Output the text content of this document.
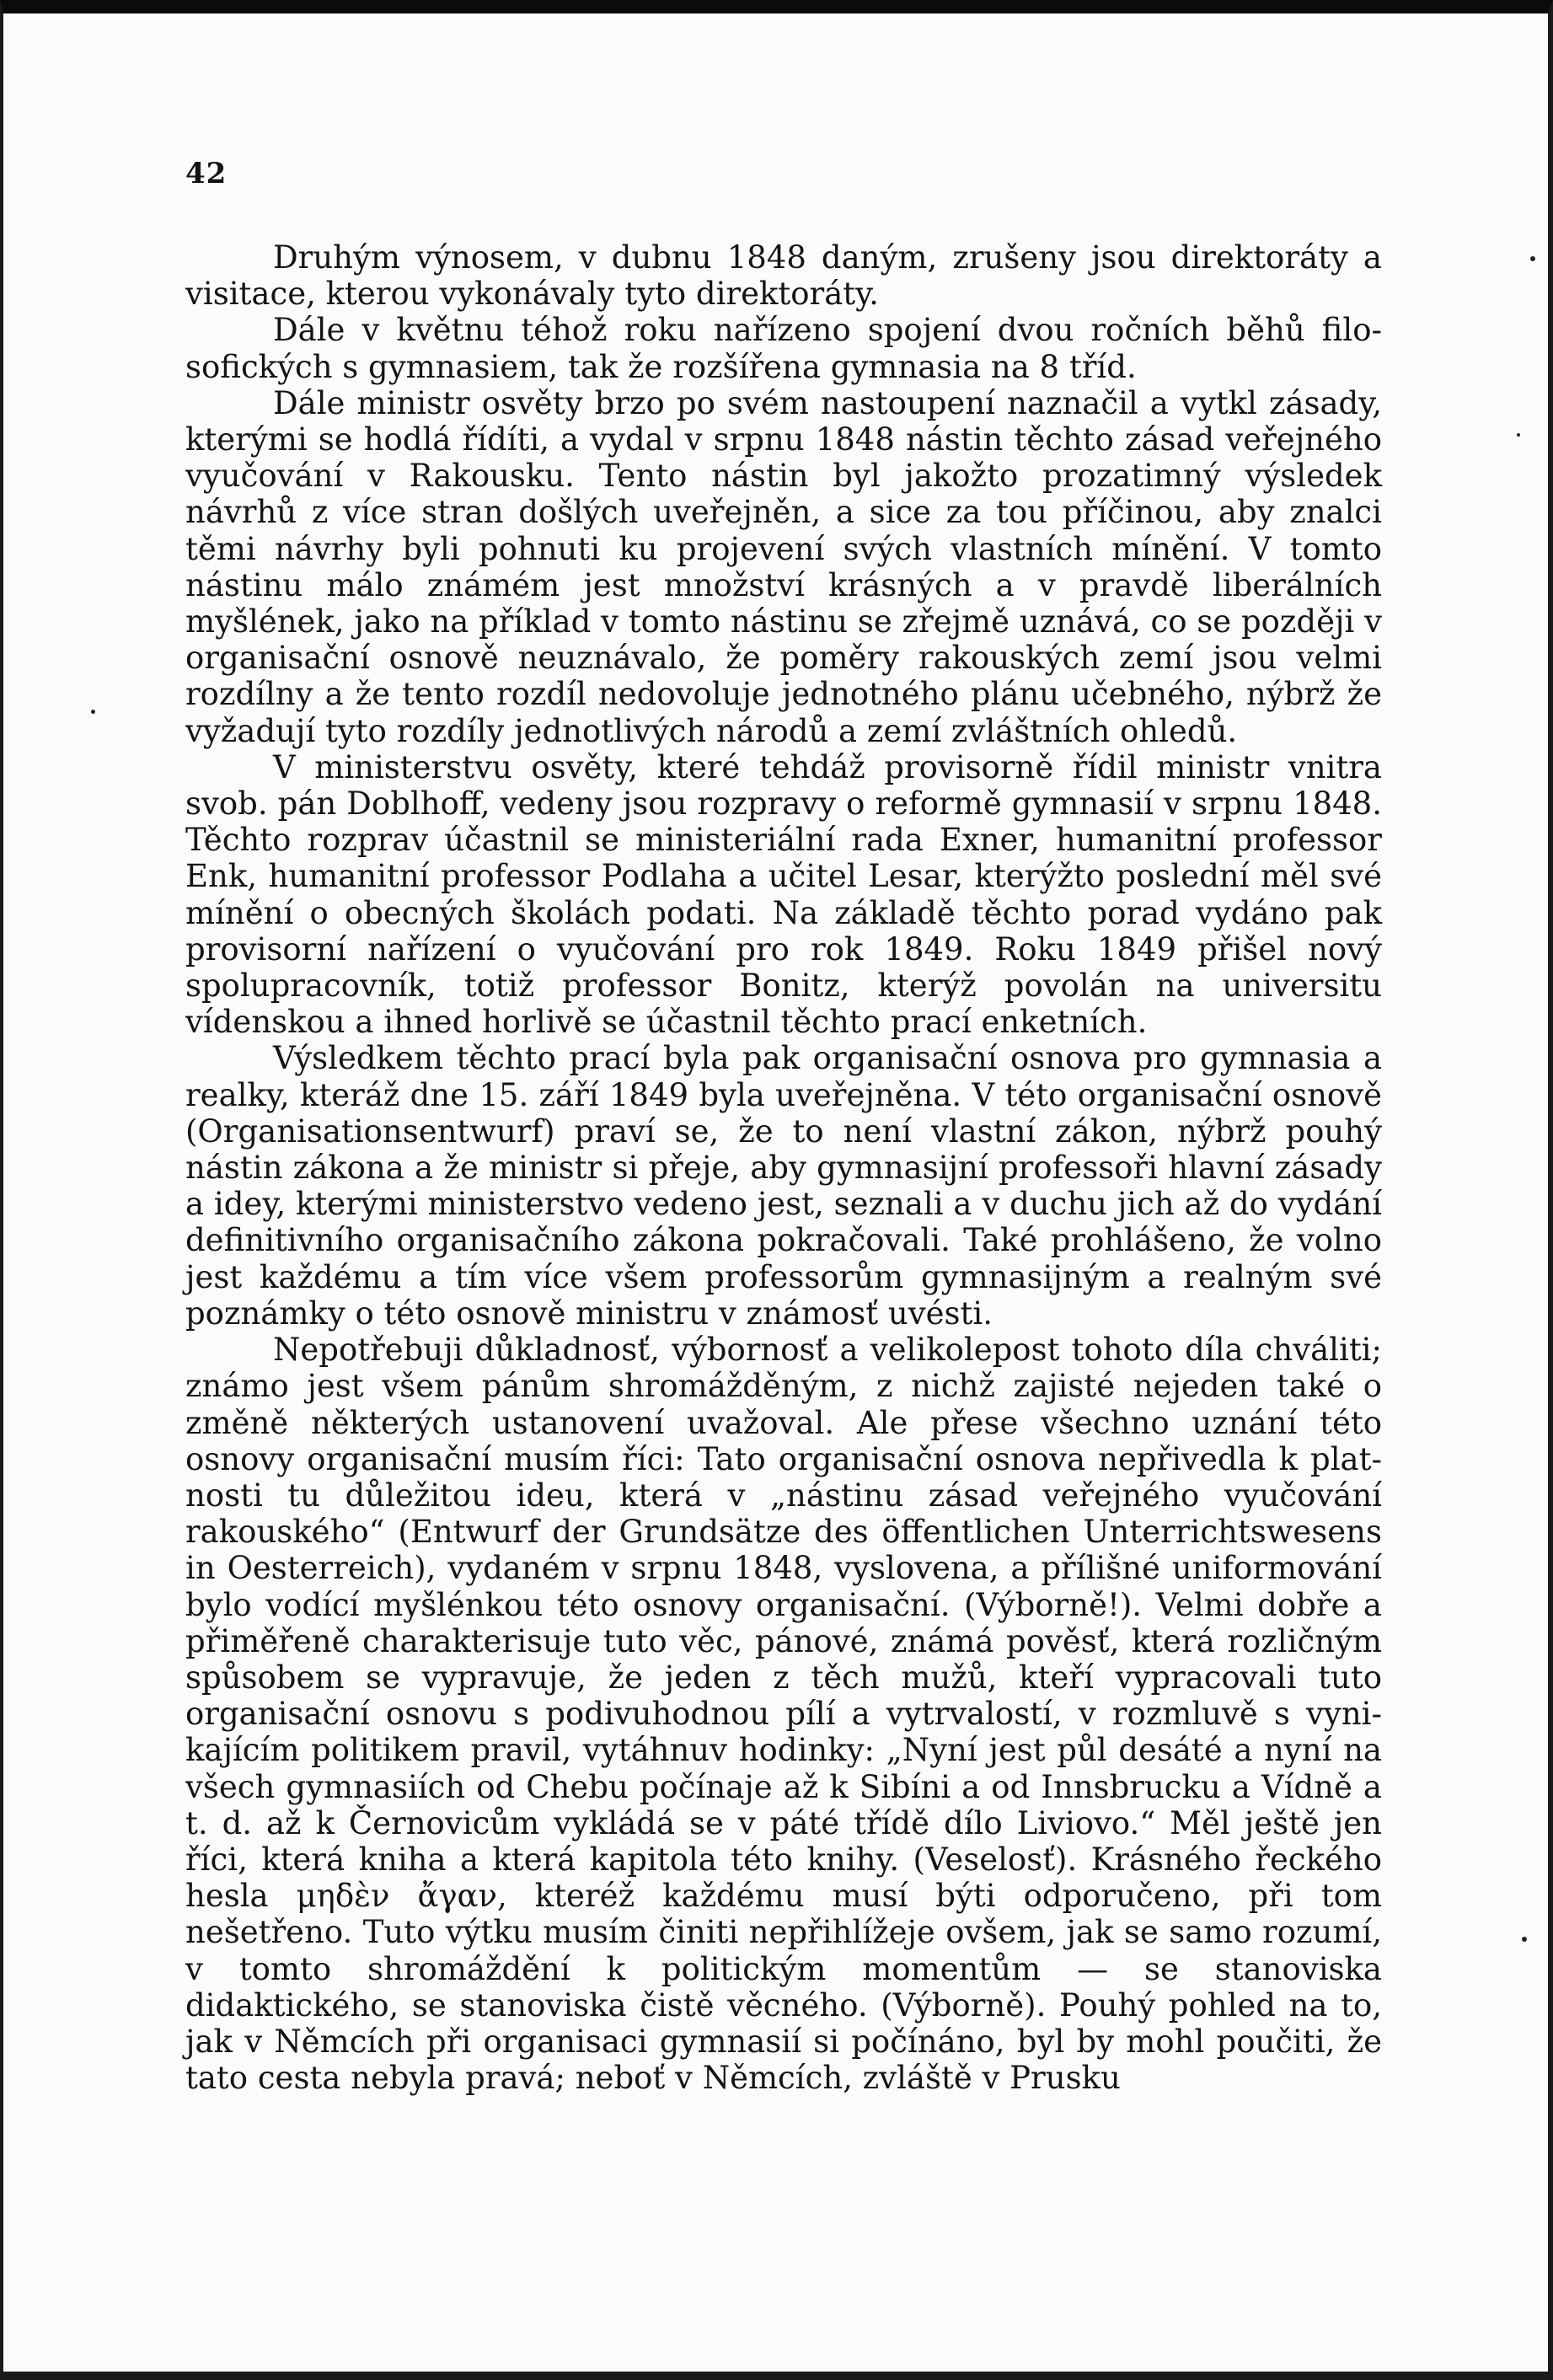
42

Druhým výnosem, v dubnu 1848 daným, zrušeny jsou direktoráty a visitace, kterou vykonávaly tyto direktoráty.

Dále v květnu téhož roku nařízeno spojení dvou ročních běhů filosofických s gymnasiem, tak že rozšířena gymnasia na 8 tříd.

Dále ministr osvěty brzo po svém nastoupení naznačil a vytkl zásady, kterými se hodlá řídíti, a vydal v srpnu 1848 nástin těchto zásad veřejného vyučování v Rakousku. Tento nástin byl jakožto prozatimný výsledek návrhů z více stran došlých uveřejněn, a sice za tou příčinou, aby znalci těmi návrhy byli pohnuti ku projevení svých vlastních mínění. V tomto nástinu málo známém jest množství krásných a v pravdě liberálních myšlének, jako na příklad v tomto nástinu se zřejmě uznává, co se později v organisační osnově neuznávalo, že poměry rakouských zemí jsou velmi rozdílny a že tento rozdíl nedovoluje jednotného plánu učebného, nýbrž že vyžadují tyto rozdíly jednotlivých národů a zemí zvláštních ohledů.

V ministerstvu osvěty, které tehdáž provisorně řídil ministr vnitra svob. pán Doblhoff, vedeny jsou rozpravy o reformě gymnasií v srpnu 1848. Těchto rozprav účastnil se ministeriální rada Exner, humanitní professor Enk, humanitní professor Podlaha a učitel Lesar, kterýžto poslední měl své mínění o obecných školách podati. Na základě těchto porad vydáno pak provisorní nařízení o vyučování pro rok 1849. Roku 1849 přišel nový spolupracovník, totiž professor Bonitz, kterýž povolán na universitu vídenskou a ihned horlivě se účastnil těchto prací enketních.

Výsledkem těchto prací byla pak organisační osnova pro gymnasia a realky, kteráž dne 15. září 1849 byla uveřejněna. V této organisační osnově (Organisationsentwurf) praví se, že to není vlastní zákon, nýbrž pouhý nástin zákona a že ministr si přeje, aby gymnasijní professoři hlavní zásady a idey, kterými ministerstvo vedeno jest, seznali a v duchu jich až do vydání definitivního organisačního zákona pokračovali. Také prohlášeno, že volno jest každému a tím více všem professorům gymnasijným a realným své poznámky o této osnově ministru v známosť uvésti.

Nepotřebuji důkladnosť, výbornosť a velikolepost tohoto díla chváliti; známo jest všem pánům shromážděným, z nichž zajisté nejeden také o změně některých ustanovení uvažoval. Ale přese všechno uznání této osnovy organisační musím říci: Tato organisační osnova nepřivedla k platnosti tu důležitou ideu, která v „nástinu zásad veřejného vyučování rakouského“ (Entwurf der Grundsätze des öffentlichen Unterrichtswesens in Oesterreich), vydaném v srpnu 1848, vyslovena, a přílišné uniformování bylo vodící myšlénkou této osnovy organisační. (Výborně!). Velmi dobře a přiměřeně charakterisuje tuto věc, pánové, známá pověsť, která rozličným spůsobem se vypravuje, že jeden z těch mužů, kteří vypracovali tuto organisační osnovu s podivuhodnou pílí a vytrvalostí, v rozmluvě s vynikajícím politikem pravil, vytáhnuv hodinky: „Nyní jest půl desáté a nyní na všech gymnasiích od Chebu počínaje až k Sibíni a od Innsbrucku a Vídně a t. d. až k Černovicům vykládá se v páté třídě dílo Liviovo.“ Měl ještě jen říci, která kniha a která kapitola této knihy. (Veselosť). Krásného řeckého hesla μηδὲν ἄγαν, kteréž každému musí býti odporučeno, při tom nešetřeno. Tuto výtku musím činiti nepřihlížeje ovšem, jak se samo rozumí, v tomto shromáždění k politickým momentům — se stanoviska didaktického, se stanoviska čistě věcného. (Výborně). Pouhý pohled na to, jak v Němcích při organisaci gymnasií si počínáno, byl by mohl poučiti, že tato cesta nebyla pravá; neboť v Němcích, zvláště v Prusku
